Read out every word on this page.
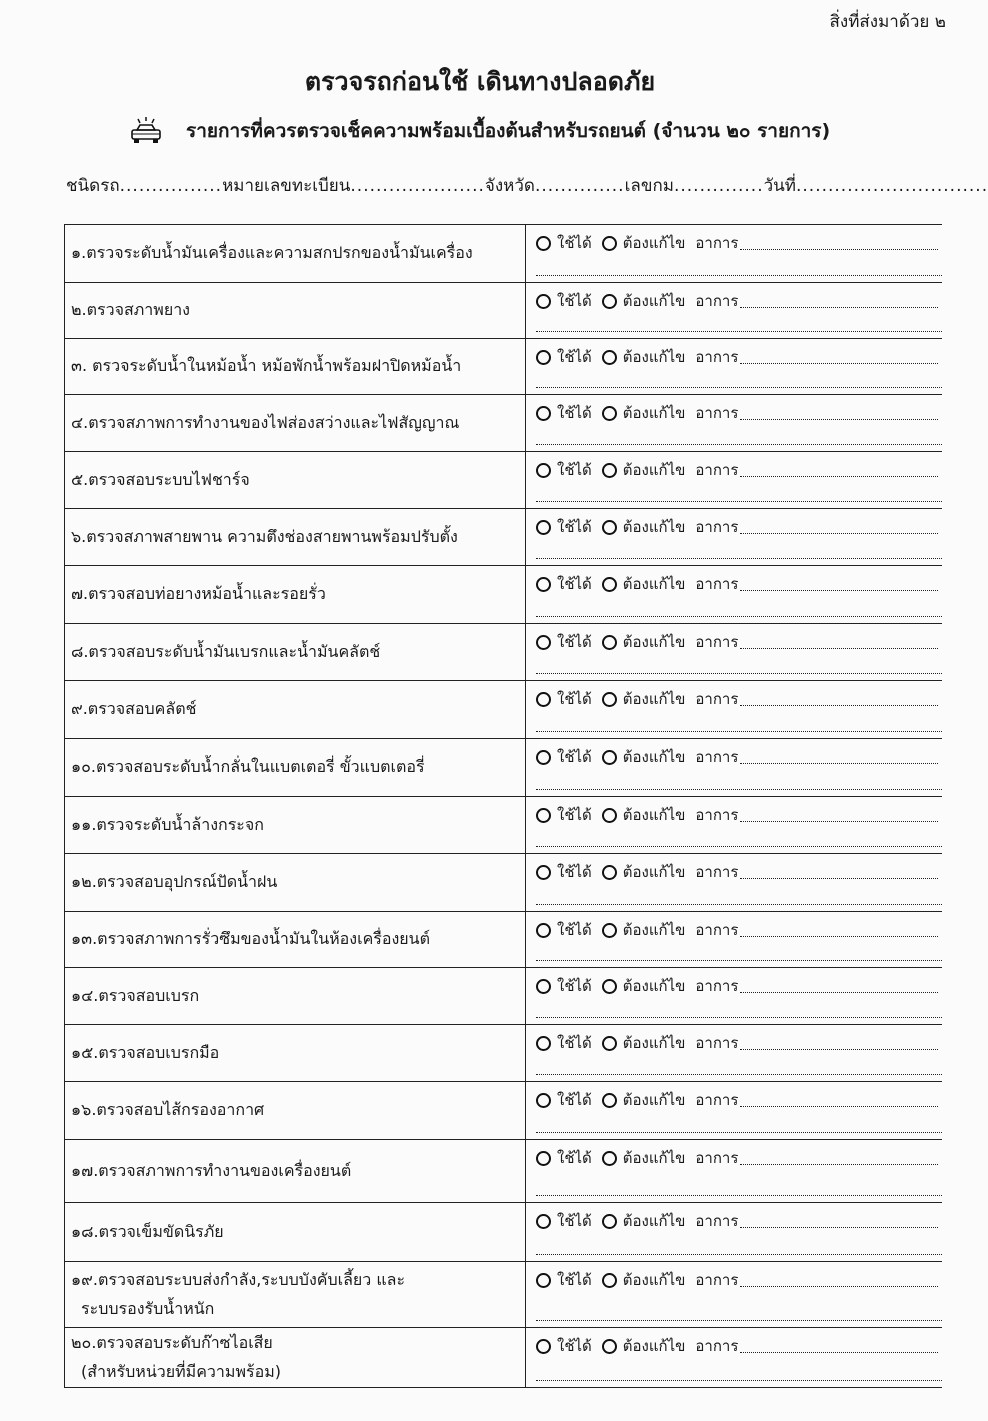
สิ่งที่ส่งมาด้วย ๒
ตรวจรถก่อนใช้ เดินทางปลอดภัย
รายการที่ควรตรวจเช็คความพร้อมเบื้องต้นสำหรับรถยนต์ (จำนวน ๒๐ รายการ)
ชนิดรถ................หมายเลขทะเบียน.....................จังหวัด..............เลขกม..............วันที่..............................
๑.ตรวจระดับน้ำมันเครื่องและความสกปรกของน้ำมันเครื่อง	ใช้ได้ ต้องแก้ไข อาการ

๒.ตรวจสภาพยาง	ใช้ได้ ต้องแก้ไข อาการ

๓. ตรวจระดับน้ำในหม้อน้ำ หม้อพักน้ำพร้อมฝาปิดหม้อน้ำ	ใช้ได้ ต้องแก้ไข อาการ

๔.ตรวจสภาพการทำงานของไฟส่องสว่างและไฟสัญญาณ	ใช้ได้ ต้องแก้ไข อาการ

๕.ตรวจสอบระบบไฟชาร์จ	ใช้ได้ ต้องแก้ไข อาการ

๖.ตรวจสภาพสายพาน ความตึงช่องสายพานพร้อมปรับตั้ง	ใช้ได้ ต้องแก้ไข อาการ

๗.ตรวจสอบท่อยางหม้อน้ำและรอยรั่ว	ใช้ได้ ต้องแก้ไข อาการ

๘.ตรวจสอบระดับน้ำมันเบรกและน้ำมันคลัตช์	ใช้ได้ ต้องแก้ไข อาการ

๙.ตรวจสอบคลัตช์	ใช้ได้ ต้องแก้ไข อาการ

๑๐.ตรวจสอบระดับน้ำกลั่นในแบตเตอรี่ ขั้วแบตเตอรี่	ใช้ได้ ต้องแก้ไข อาการ

๑๑.ตรวจระดับน้ำล้างกระจก	ใช้ได้ ต้องแก้ไข อาการ

๑๒.ตรวจสอบอุปกรณ์ปัดน้ำฝน	ใช้ได้ ต้องแก้ไข อาการ

๑๓.ตรวจสภาพการรั่วซึมของน้ำมันในห้องเครื่องยนต์	ใช้ได้ ต้องแก้ไข อาการ

๑๔.ตรวจสอบเบรก	ใช้ได้ ต้องแก้ไข อาการ

๑๕.ตรวจสอบเบรกมือ	ใช้ได้ ต้องแก้ไข อาการ

๑๖.ตรวจสอบไส้กรองอากาศ	ใช้ได้ ต้องแก้ไข อาการ

๑๗.ตรวจสภาพการทำงานของเครื่องยนต์	ใช้ได้ ต้องแก้ไข อาการ

๑๘.ตรวจเข็มขัดนิรภัย	ใช้ได้ ต้องแก้ไข อาการ

๑๙.ตรวจสอบระบบส่งกำลัง,ระบบบังคับเลี้ยว และ
ระบบรองรับน้ำหนัก	ใช้ได้ ต้องแก้ไข อาการ

๒๐.ตรวจสอบระดับก๊าซไอเสีย
(สำหรับหน่วยที่มีความพร้อม)	ใช้ได้ ต้องแก้ไข อาการ
